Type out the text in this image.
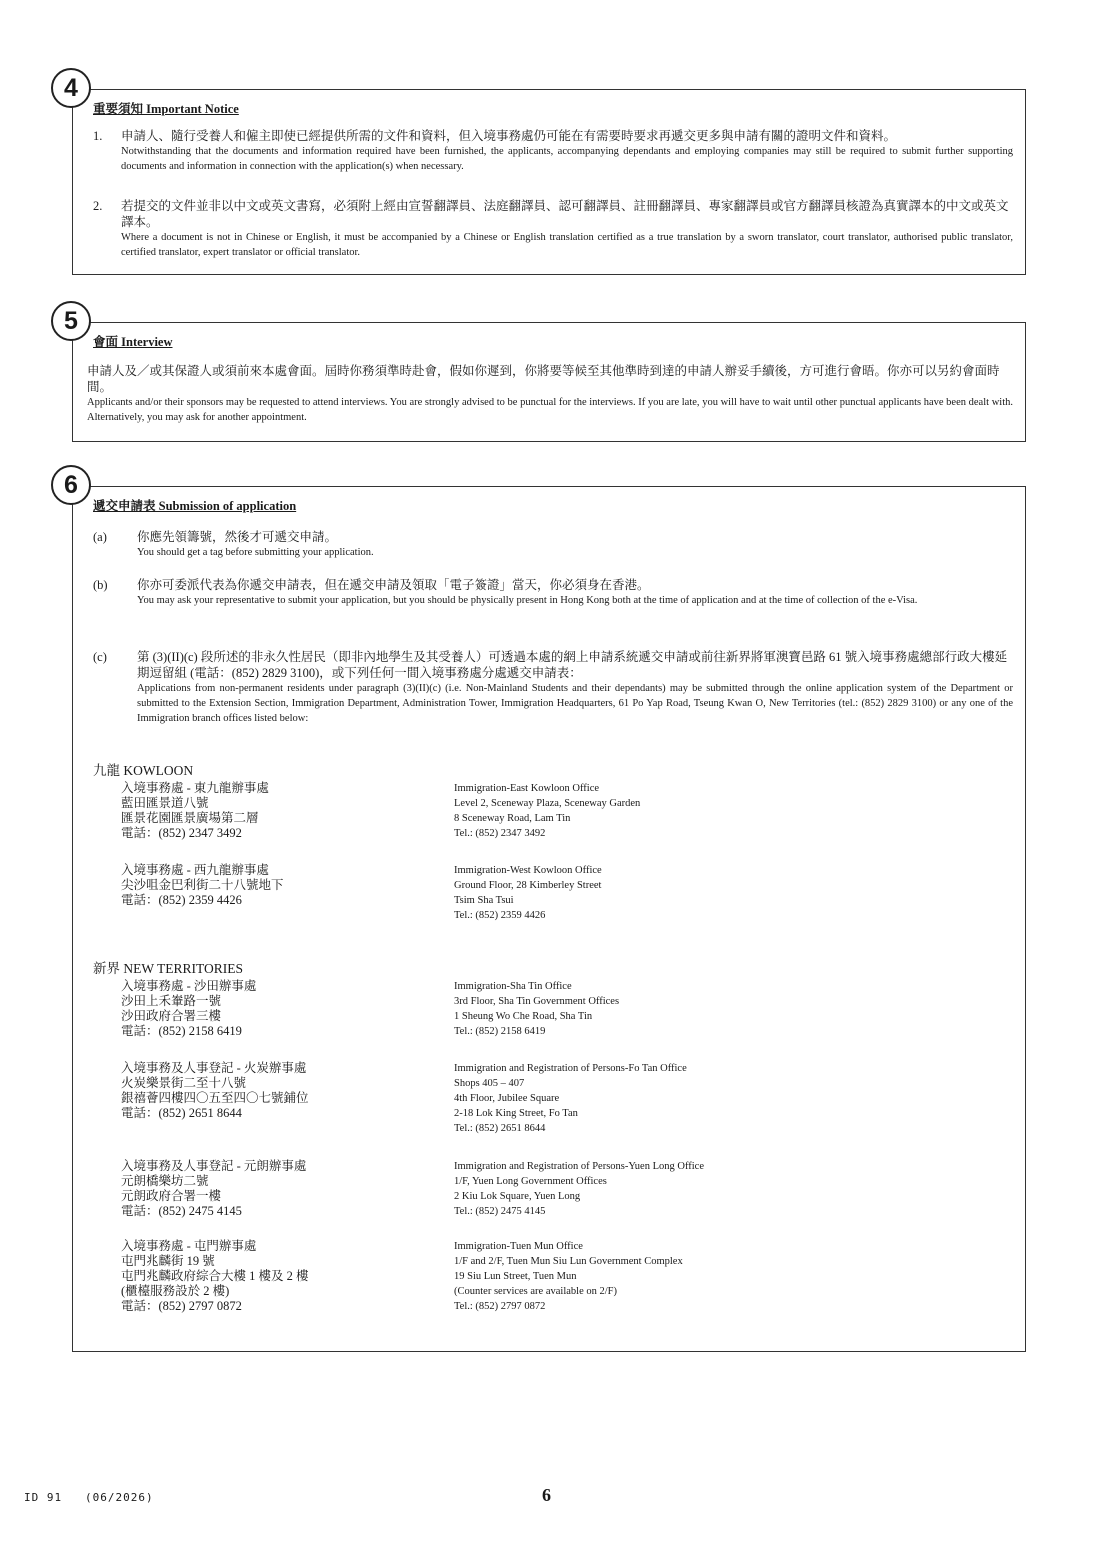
4
重要須知 Important Notice
1. 申請人、隨行受養人和僱主即使已經提供所需的文件和資料，但入境事務處仍可能在有需要時要求再遞交更多與申請有關的證明文件和資料。
Notwithstanding that the documents and information required have been furnished, the applicants, accompanying dependants and employing companies may still be required to submit further supporting documents and information in connection with the application(s) when necessary.
2. 若提交的文件並非以中文或英文書寫，必須附上經由宣誓翻譯員、法庭翻譯員、認可翻譯員、註冊翻譯員、專家翻譯員或官方翻譯員核證為真實譯本的中文或英文譯本。
Where a document is not in Chinese or English, it must be accompanied by a Chinese or English translation certified as a true translation by a sworn translator, court translator, authorised public translator, certified translator, expert translator or official translator.
5
會面 Interview
申請人及／或其保證人或須前來本處會面。屆時你務須準時赴會，假如你遲到，你將要等候至其他準時到達的申請人辦妥手續後，方可進行會晤。你亦可以另約會面時間。
Applicants and/or their sponsors may be requested to attend interviews. You are strongly advised to be punctual for the interviews. If you are late, you will have to wait until other punctual applicants have been dealt with. Alternatively, you may ask for another appointment.
6
遞交申請表 Submission of application
(a) 你應先領籌號，然後才可遞交申請。
You should get a tag before submitting your application.
(b) 你亦可委派代表為你遞交申請表，但在遞交申請及領取「電子簽證」當天，你必須身在香港。
You may ask your representative to submit your application, but you should be physically present in Hong Kong both at the time of application and at the time of collection of the e-Visa.
(c) 第 (3)(II)(c) 段所述的非永久性居民（即非內地學生及其受養人）可透過本處的網上申請系統遞交申請或前往新界將軍澳寶邑路 61 號入境事務處總部行政大樓延期逗留組 (電話：(852) 2829 3100)，或下列任何一間入境事務處分處遞交申請表：
Applications from non-permanent residents under paragraph (3)(II)(c) (i.e. Non-Mainland Students and their dependants) may be submitted through the online application system of the Department or submitted to the Extension Section, Immigration Department, Administration Tower, Immigration Headquarters, 61 Po Yap Road, Tseung Kwan O, New Territories (tel.: (852) 2829 3100) or any one of the Immigration branch offices listed below:
九龍 KOWLOON
入境事務處 - 東九龍辦事處
藍田匯景道八號
匯景花園匯景廣場第二層
電話：(852) 2347 3492
Immigration-East Kowloon Office
Level 2, Sceneway Plaza, Sceneway Garden
8 Sceneway Road, Lam Tin
Tel.: (852) 2347 3492
入境事務處 - 西九龍辦事處
尖沙咀金巴利街二十八號地下
電話：(852) 2359 4426
Immigration-West Kowloon Office
Ground Floor, 28 Kimberley Street
Tsim Sha Tsui
Tel.: (852) 2359 4426
新界 NEW TERRITORIES
入境事務處 - 沙田辦事處
沙田上禾輋路一號
沙田政府合署三樓
電話：(852) 2158 6419
Immigration-Sha Tin Office
3rd Floor, Sha Tin Government Offices
1 Sheung Wo Che Road, Sha Tin
Tel.: (852) 2158 6419
入境事務及人事登記 - 火炭辦事處
火炭樂景街二至十八號
銀禧薈四樓四〇五至四〇七號鋪位
電話：(852) 2651 8644
Immigration and Registration of Persons-Fo Tan Office
Shops 405 – 407
4th Floor, Jubilee Square
2-18 Lok King Street, Fo Tan
Tel.: (852) 2651 8644
入境事務及人事登記 - 元朗辦事處
元朗橋樂坊二號
元朗政府合署一樓
電話：(852) 2475 4145
Immigration and Registration of Persons-Yuen Long Office
1/F, Yuen Long Government Offices
2 Kiu Lok Square, Yuen Long
Tel.: (852) 2475 4145
入境事務處 - 屯門辦事處
屯門兆麟街 19 號
屯門兆麟政府綜合大樓 1 樓及 2 樓
(櫃檯服務設於 2 樓)
電話：(852) 2797 0872
Immigration-Tuen Mun Office
1/F and 2/F, Tuen Mun Siu Lun Government Complex
19 Siu Lun Street, Tuen Mun
(Counter services are available on 2/F)
Tel.: (852) 2797 0872
ID 91   (06/2026)	6
